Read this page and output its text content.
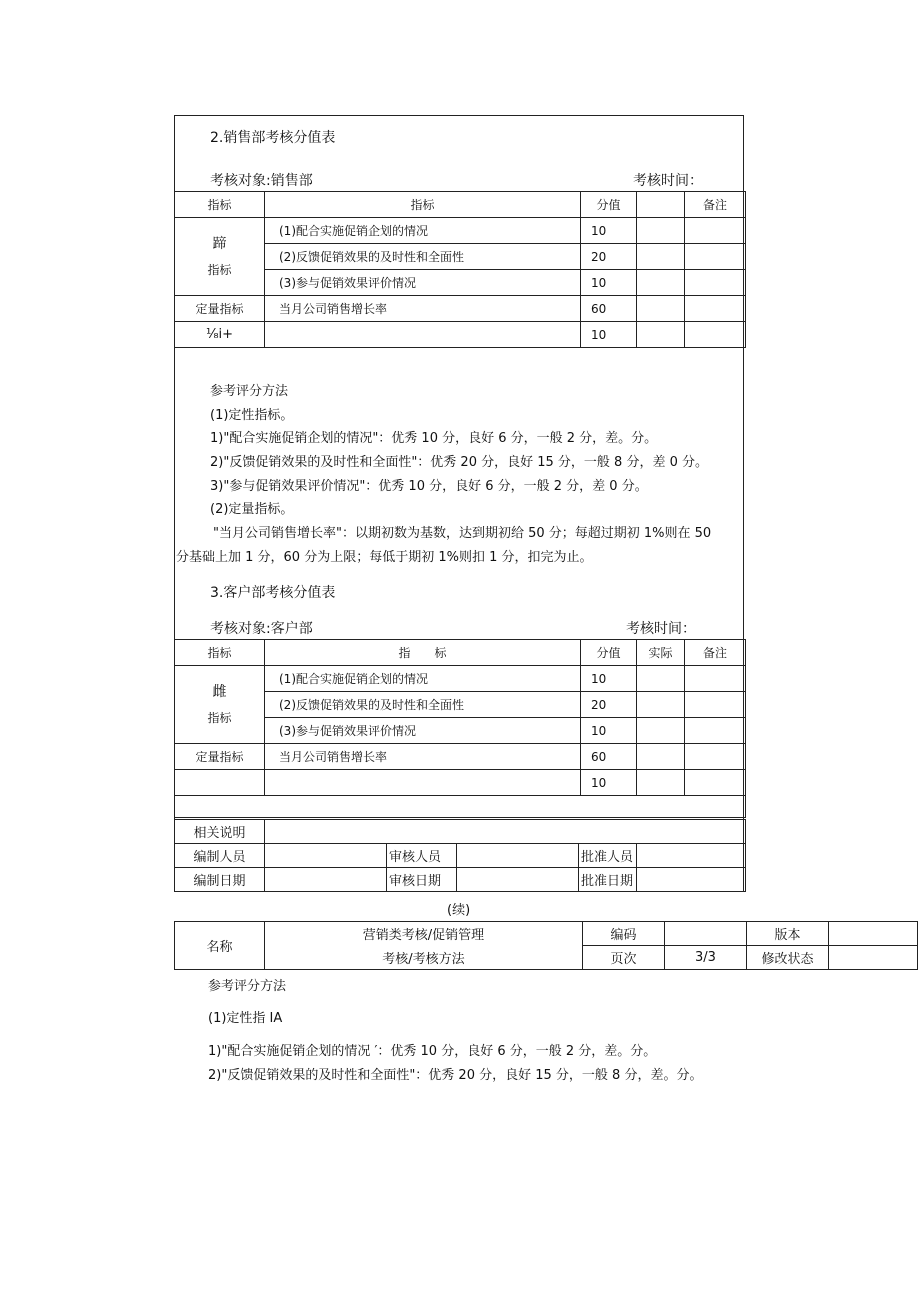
2.销售部考核分值表
考核对象:销售部	考核时间：
指标	指标	分值		备注

蹄
指标	(1)配合实施促销企划的情况	10		
	(2)反馈促销效果的及时性和全面性	20		
	(3)参与促销效果评价情况	10		
定量指标	当月公司销售增长率	60		
⅟₈i+		10		
参考评分方法
(1)定性指标。
1)"配合实施促销企划的情况"：优秀 10 分，良好 6 分，一般 2 分，差。分。
2)"反馈促销效果的及时性和全面性"：优秀 20 分，良好 15 分，一般 8 分，差 0 分。
3)"参与促销效果评价情况"：优秀 10 分，良好 6 分，一般 2 分，差 0 分。
(2)定量指标。
"当月公司销售增长率"：以期初数为基数，达到期初给 50 分；每超过期初 1%则在 50
分基础上加 1 分，60 分为上限；每低于期初 1%则扣 1 分，扣完为止。
3.客户部考核分值表
考核对象:客户部	考核时间：
指标	指　　标	分值	实际	备注

雌
指标	(1)配合实施促销企划的情况	10		
	(2)反馈促销效果的及时性和全面性	20		
	(3)参与促销效果评价情况	10		
定量指标	当月公司销售增长率	60		
		10		

相关说明					
编制人员		审核人员		批准人员	
编制日期		审核日期		批准日期	
(续)
名称	营销类考核/促销管理	编码		版本	
	考核/考核方法	页次	3/3	修改状态	
参考评分方法
(1)定性指 IA
1)"配合实施促销企划的情况 ′：优秀 10 分，良好 6 分，一般 2 分，差。分。
2)"反馈促销效果的及时性和全面性"：优秀 20 分，良好 15 分，一般 8 分，差。分。
